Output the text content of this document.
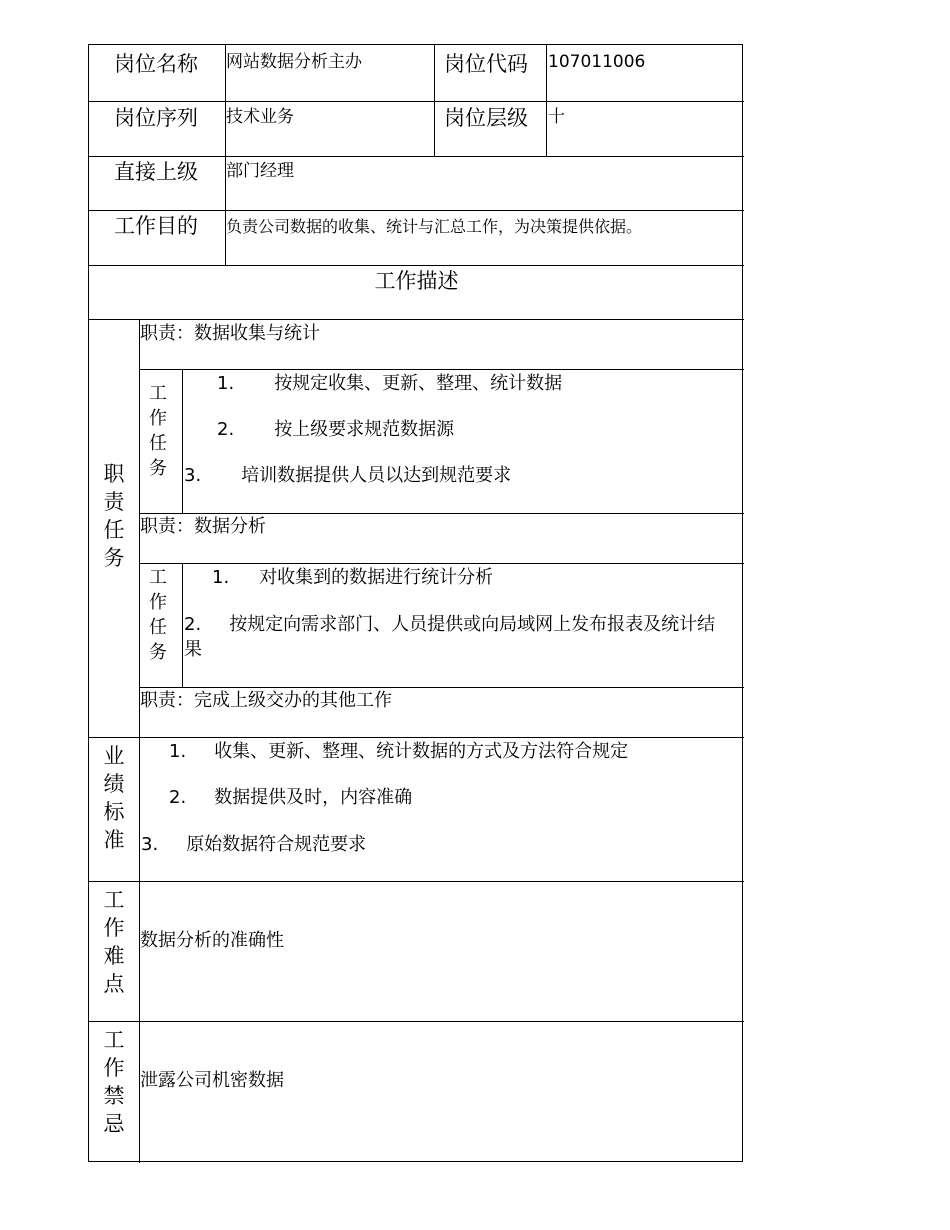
岗位名称 网站数据分析主办	岗位代码 107011006
岗位序列 技术业务	岗位层级 十
直接上级 部门经理
工作目的 负责公司数据的收集、统计与汇总工作，为决策提供依据。
工作描述
职责任务
职责：数据收集与统计
工作任务
1. 按规定收集、更新、整理、统计数据
2. 按上级要求规范数据源
3. 培训数据提供人员以达到规范要求
职责：数据分析
工作任务
1. 对收集到的数据进行统计分析
2. 按规定向需求部门、人员提供或向局域网上发布报表及统计结
果
职责：完成上级交办的其他工作
业绩标准
1. 收集、更新、整理、统计数据的方式及方法符合规定
2. 数据提供及时，内容准确
3. 原始数据符合规范要求
工作难点
数据分析的准确性
工作禁忌
泄露公司机密数据
